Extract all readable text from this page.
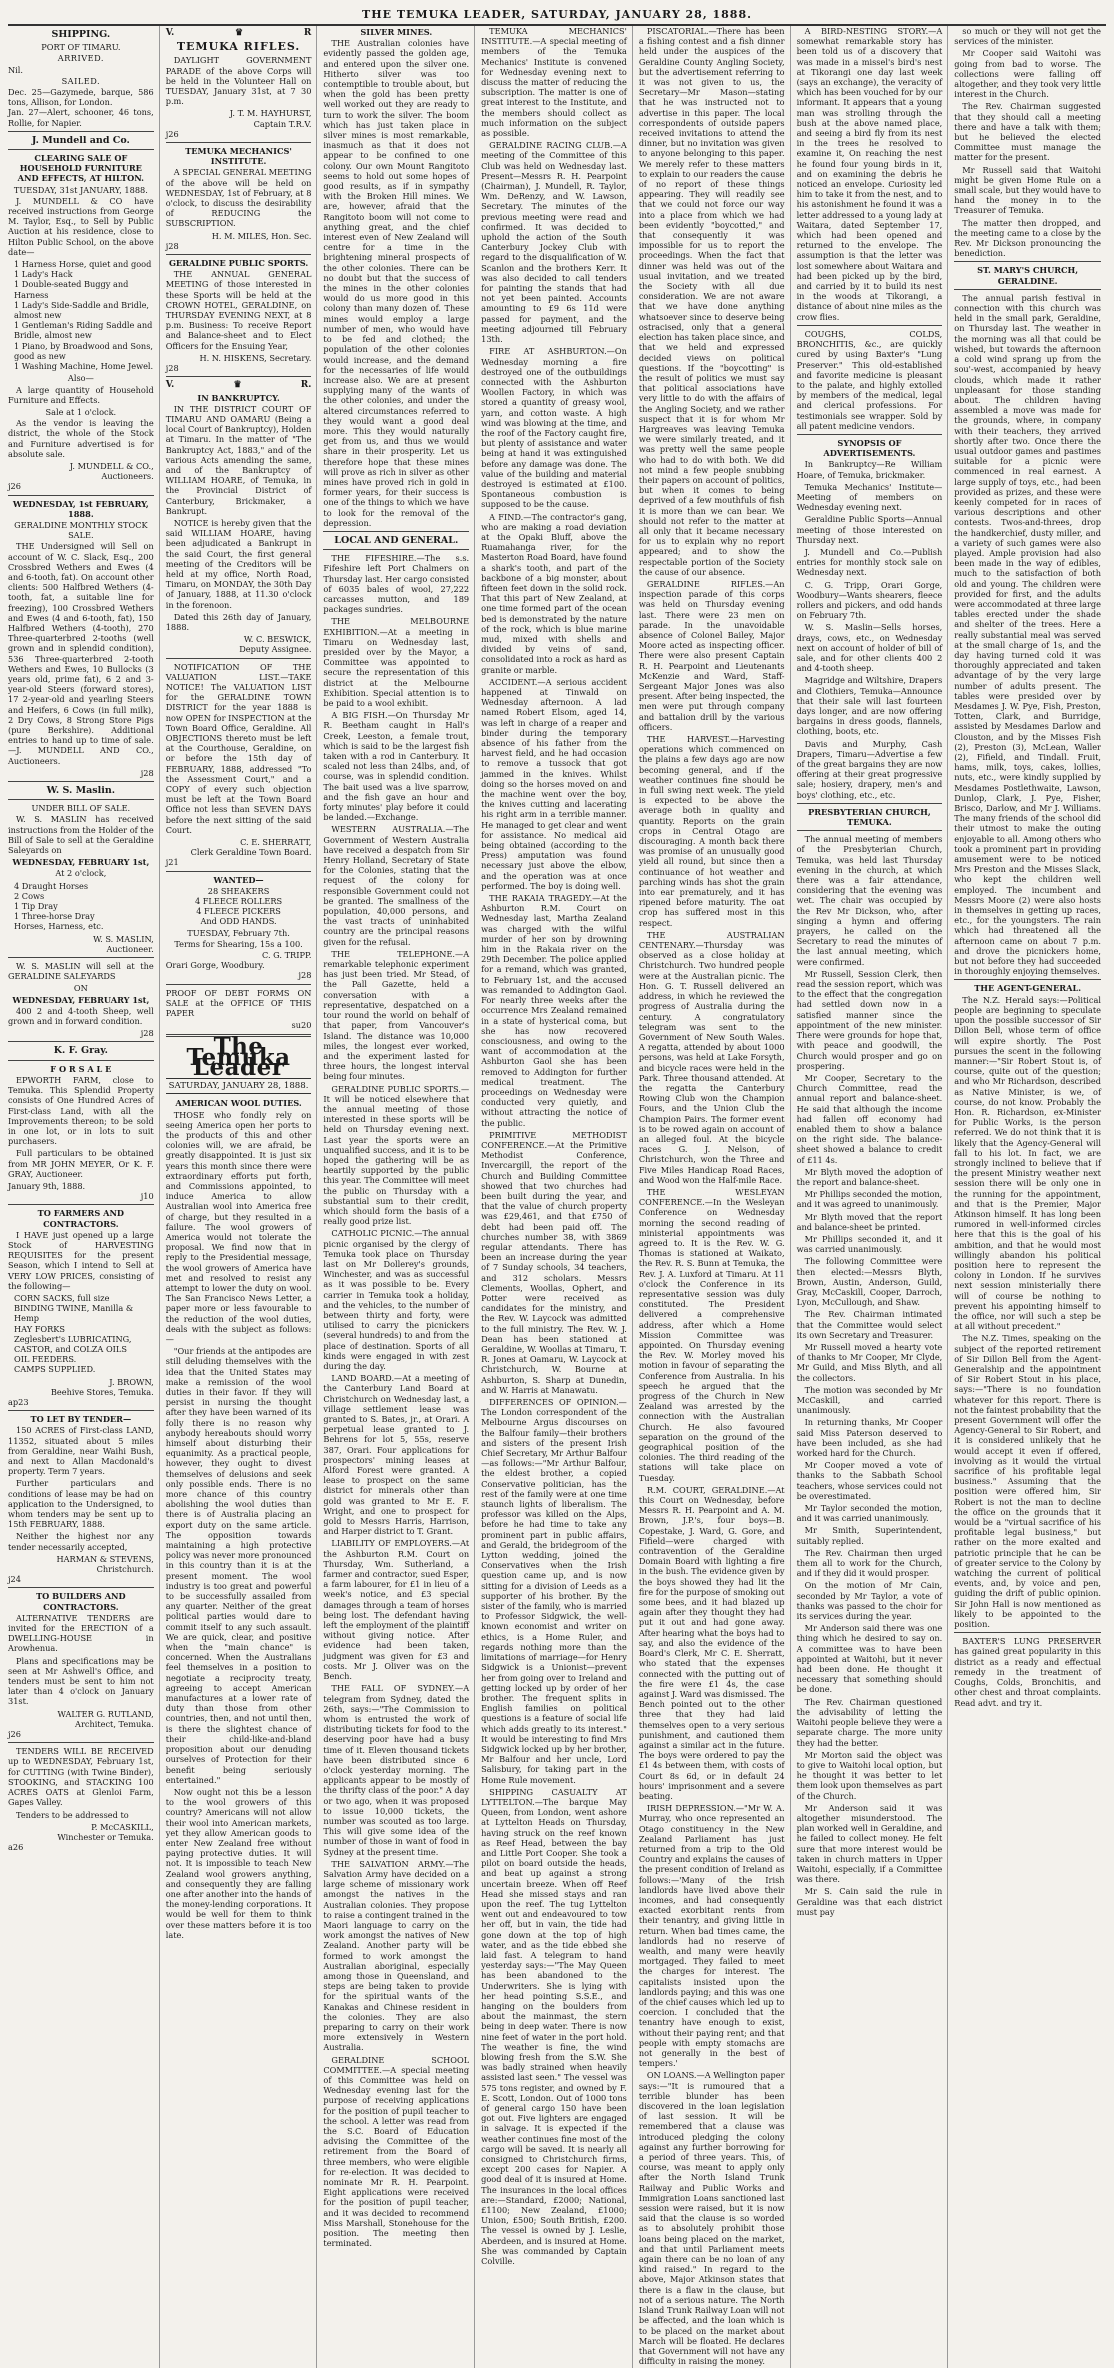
THE TEMUKA LEADER, SATURDAY, JANUARY 28, 1888.
SHIPPING.
PORT OF TIMARU.
ARRIVED.
Nil.
SAILED.

Dec. 25—Gazymede, barque, 586 tons, Allison, for London.
Jan. 27—Alert, schooner, 46 tons, Rollie, for Napier.

J. Mundell and Co.
CLEARING SALE OF HOUSEHOLD FURNITURE AND EFFECTS, AT HILTON.
TUESDAY, 31st JANUARY, 1888.

J. MUNDELL & CO have received instructions from George M. Taylor, Esq., to Sell by Public Auction at his residence, close to Hilton Public School, on the above date—

1 Harness Horse, quiet and good
1 Lady's Hack
1 Double-seated Buggy and Harness
1 Lady's Side-Saddle and Bridle, almost new
1 Gentleman's Riding Saddle and Bridle, almost new
1 Piano, by Broadwood and Sons, good as new
1 Washing Machine, Home Jewel.
Also—

A large quantity of Household Furniture and Effects.

Sale at 1 o'clock.

As the vendor is leaving the district, the whole of the Stock and Furniture advertised is for absolute sale.

J. MUNDELL & CO.,
Auctioneers.
j26
WEDNESDAY, 1st FEBRUARY, 1888.
GERALDINE MONTHLY STOCK SALE.

THE Undersigned will Sell on account of W. C. Slack, Esq., 200 Crossbred Wethers and Ewes (4 and 6-tooth, fat). On account other clients: 500 Halfbred Wethers (4-tooth, fat, a suitable line for freezing), 100 Crossbred Wethers and Ewes (4 and 6-tooth, fat), 150 Halfbred Wethers (4-tooth), 270 Three-quarterbred 2-tooths (well grown and in splendid condition), 536 Three-quarterbred 2-tooth Wethers and Ewes, 10 Bullocks (3 years old, prime fat), 6 2 and 3-year-old Steers (forward stores), 17 2-year-old and yearling Steers and Heifers, 6 Cows (in full milk), 2 Dry Cows, 8 Strong Store Pigs (pure Berkshire). Additional entries to hand up to time of sale.—J. MUNDELL AND CO., Auctioneers.

j28
W. S. Maslin.
UNDER BILL OF SALE.

W. S. MASLIN has received instructions from the Holder of the Bill of Sale to sell at the Geraldine Saleyards on

WEDNESDAY, FEBRUARY 1st,
At 2 o'clock,
4 Draught Horses
2 Cows
1 Tip Dray
1 Three-horse Dray
Horses, Harness, etc.
W. S. MASLIN,
Auctioneer.

W. S. MASLIN will sell at the GERALDINE SALEYARDS

ON
WEDNESDAY, FEBRUARY 1st,

400 2 and 4-tooth Sheep, well grown and in forward condition.

j28
K. F. Gray.
F O R S A L E

EPWORTH FARM, close to Temuka. This Splendid Property consists of One Hundred Acres of First-class Land, with all the Improvements thereon; to be sold in one lot, or in lots to suit purchasers.

Full particulars to be obtained from MR JOHN MEYER, Or K. F. GRAY, Auctioneer.

January 9th, 1888.
j10
TO FARMERS AND CONTRACTORS.

I HAVE just opened up a large Stock of HARVESTING REQUISITES for the present Season, which I intend to Sell at VERY LOW PRICES, consisting of the following—

CORN SACKS, full size
BINDING TWINE, Manilla & Hemp
HAY FORKS
Zeglesbert's LUBRICATING, CASTOR, and COLZA OILS
OIL FEEDERS.
CAMPS SUPPLIED.
J. BROWN,
Beehive Stores, Temuka.
ap23
TO LET BY TENDER—

150 ACRES of First-class LAND, 11352, situated about 5 miles from Geraldine, near Waihi Bush, and next to Allan Macdonald's property. Term 7 years.

Further particulars and conditions of lease may be had on application to the Undersigned, to whom tenders may be sent up to 15th FEBRUARY, 1888.

Neither the highest nor any tender necessarily accepted,

HARMAN & STEVENS,
Christchurch.
j24
TO BUILDERS AND CONTRACTORS.

ALTERNATIVE TENDERS are invited for the ERECTION of a DWELLING-HOUSE in Arowhenua.

Plans and specifications may be seen at Mr Ashwell's Office, and tenders must be sent to him not later than 4 o'clock on January 31st.

WALTER G. RUTLAND,
Architect, Temuka.
j26

TENDERS WILL BE RECEIVED up to WEDNESDAY, February 1st, for CUTTING (with Twine Binder), STOOKING, and STACKING 100 ACRES OATS at Glenloi Farm, Gapes Valley.

Tenders to be addressed to

P. McCASKILL,
Winchester or Temuka.
a26
V.	♛	R
TEMUKA RIFLES.

DAYLIGHT GOVERNMENT PARADE of the above Corps will be held in the Volunteer Hall on TUESDAY, January 31st, at 7 30 p.m.

J. T. M. HAYHURST,
Captain T.R.V.
j26
TEMUKA MECHANICS' INSTITUTE.

A SPECIAL GENERAL MEETING of the above will be held on WEDNESDAY, 1st of February, at 8 o'clock, to discuss the desirability of REDUCING the SUBSCRIPTION.

H. M. MILES, Hon. Sec.
j28
GERALDINE PUBLIC SPORTS.

THE ANNUAL GENERAL MEETING of those interested in these Sports will be held at the CROWN HOTEL, GERALDINE, on THURSDAY EVENING NEXT, at 8 p.m. Business: To receive Report and Balance-sheet and to Elect Officers for the Ensuing Year,

H. N. HISKENS, Secretary.
j28
V.	♛	R.
IN BANKRUPTCY.

IN THE DISTRICT COURT OF TIMARU AND OAMARU (Being a local Court of Bankruptcy), Holden at Timaru. In the matter of "The Bankruptcy Act, 1883," and of the various Acts amending the same, and of the Bankruptcy of WILLIAM HOARE, of Temuka, in the Provincial District of Canterbury, Brickmaker, a Bankrupt.

NOTICE is hereby given that the said WILLIAM HOARE, having been adjudicated a Bankrupt in the said Court, the first general meeting of the Creditors will be held at my office, North Road, Timaru, on MONDAY, the 30th Day of January, 1888, at 11.30 o'clock in the forenoon.

Dated this 26th day of January, 1888.

W. C. BESWICK,
Deputy Assignee.

NOTIFICATION OF THE VALUATION LIST.—TAKE NOTICE! The VALUATION LIST for the GERALDINE TOWN DISTRICT for the year 1888 is now OPEN for INSPECTION at the Town Board Office, Geraldine. All OBJECTIONS thereto must be left at the Courthouse, Geraldine, on or before the 15th day of FEBRUARY, 1888, addressed "To the Assessment Court," and a COPY of every such objection must be left at the Town Board Office not less than SEVEN DAYS before the next sitting of the said Court.

C. E. SHERRATT,
Clerk Geraldine Town Board.
j21
WANTED—
28 SHEAKERS
4 FLEECE ROLLERS
4 FLEECE PICKERS
And ODD HANDS.
TUESDAY, February 7th.
Terms for Shearing, 15s a 100.
C. G. TRIPP.
Orari Gorge, Woodbury.
j28

PROOF OF DEBT FORMS ON SALE at the OFFICE OF THIS PAPER

su20
The Temuka Leader
SATURDAY, JANUARY 28, 1888.
AMERICAN WOOL DUTIES.

THOSE who fondly rely on seeing America open her ports to the products of this and other colonies will, we are afraid, be greatly disappointed. It is just six years this month since there were extraordinary efforts put forth, and Commissions appointed, to induce America to allow Australian wool into America free of charge, but they resulted in a failure. The wool growers of America would not tolerate the proposal. We find now that in reply to the Presidential message, the wool growers of America have met and resolved to resist any attempt to lower the duty on wool. The San Francisco News Letter, a paper more or less favourable to the reduction of the wool duties, deals with the subject as follows:—

"Our friends at the antipodes are still deluding themselves with the idea that the United States may make a remission of the wool duties in their favor. If they will persist in nursing the thought after they have been warned of its folly there is no reason why anybody hereabouts should worry himself about disturbing their equanimity. As a practical people, however, they ought to divest themselves of delusions and seek only possible ends. There is no more chance of this country abolishing the wool duties than there is of Australia placing an export duty on the same article. The opposition towards maintaining a high protective policy was never more pronounced in this country than it is at the present moment. The wool industry is too great and powerful to be successfully assailed from any quarter. Neither of the great political parties would dare to commit itself to any such assault. We are quick, clear, and positive when the "main chance" is concerned. When the Australians feel themselves in a position to negotiate a reciprocity treaty, agreeing to accept American manufactures at a lower rate of duty than those from other countries, then, and not until then, is there the slightest chance of their child-like-and-bland proposition about our denuding ourselves of Protection for their benefit being seriously entertained."

Now ought not this be a lesson to the wool growers of this country? Americans will not allow their wool into American markets, yet they allow American goods to enter New Zealand free without paying protective duties. It will not. It is impossible to teach New Zealand wool growers anything, and consequently they are falling one after another into the hands of the money-lending corporations. It would be well for them to think over these matters before it is too late.

SILVER MINES.

THE Australian colonies have evidently passed the golden age, and entered upon the silver one. Hitherto silver was too contemptible to trouble about, but when the gold has been pretty well worked out they are ready to turn to work the silver. The boom which has just taken place in silver mines is most remarkable, inasmuch as that it does not appear to be confined to one colony. Our own Mount Rangitoto seems to hold out some hopes of good results, as if in sympathy with the Broken Hill mines. We are, however, afraid that the Rangitoto boom will not come to anything great, and the chief interest even of New Zealand will centre for a time in the brightening mineral prospects of the other colonies. There can be no doubt but that the success of the mines in the other colonies would do us more good in this colony than many dozen of. These mines would employ a large number of men, who would have to be fed and clothed; the population of the other colonies would increase, and the demand for the necessaries of life would increase also. We are at present supplying many of the wants of the other colonies, and under the altered circumstances referred to they would want a good deal more. This they would naturally get from us, and thus we would share in their prosperity. Let us therefore hope that these mines will prove as rich in silver as other mines have proved rich in gold in former years, for their success is one of the things to which we have to look for the removal of the depression.

LOCAL AND GENERAL.

THE FIFESHIRE.—The s.s. Fifeshire left Port Chalmers on Thursday last. Her cargo consisted of 6035 bales of wool, 27,222 carcasses mutton, and 189 packages sundries.

THE MELBOURNE EXHIBITION.—At a meeting in Timaru on Wednesday last, presided over by the Mayor, a Committee was appointed to secure the representation of this district at the Melbourne Exhibition. Special attention is to be paid to a wool exhibit.

A BIG FISH.—On Thursday Mr R. Beetham caught in Hall's Creek, Leeston, a female trout, which is said to be the largest fish taken with a rod in Canterbury. It scaled not less than 24lbs, and, of course, was in splendid condition. The bait used was a live sparrow, and the fish gave an hour and forty minutes' play before it could be landed.—Exchange.

WESTERN AUSTRALIA.—The Government of Western Australia have received a despatch from Sir Henry Holland, Secretary of State for the Colonies, stating that the request of the colony for responsible Government could not be granted. The smallness of the population, 40,000 persons, and the vast tracts of uninhabited country are the principal reasons given for the refusal.

THE TELEPHONE.—A remarkable telephonic experiment has just been tried. Mr Stead, of the Pall Gazette, held a conversation with a representative, despatched on a tour round the world on behalf of that paper, from Vancouver's Island. The distance was 10,000 miles, the longest ever worked, and the experiment lasted for three hours, the longest interval being four minutes.

GERALDINE PUBLIC SPORTS.—It will be noticed elsewhere that the annual meeting of those interested in these sports will be held on Thursday evening next. Last year the sports were an unqualified success, and it is to be hoped the gathering will be as heartily supported by the public this year. The Committee will meet the public on Thursday with a substantial sum to their credit, which should form the basis of a really good prize list.

CATHOLIC PICNIC.—The annual picnic organised by the clergy of Temuka took place on Thursday last on Mr Dollerey's grounds, Winchester, and was as successful as it was possible to be. Every carrier in Temuka took a holiday, and the vehicles, to the number of between thirty and forty, were utilised to carry the picnickers (several hundreds) to and from the place of destination. Sports of all kinds were engaged in with zest during the day.

LAND BOARD.—At a meeting of the Canterbury Land Board at Christchurch on Wednesday last, a village settlement lease was granted to S. Bates, jr., at Orari. A perpetual lease granted to J. Behrens for lot 5, 55s, reserve 387, Orari. Four applications for prospectors' mining leases at Alford Forest were granted. A lease to prospect on the same district for minerals other than gold was granted to Mr E. F. Wright, and one to prospect for gold to Messrs Harris, Harrison, and Harper district to T. Grant.

LIABILITY OF EMPLOYERS.—At the Ashburton R.M. Court on Thursday, Wm. Sutherland, a farmer and contractor, sued Esper, a farm labourer, for £1 in lieu of a week's notice, and £3 special damages through a team of horses being lost. The defendant having left the employment of the plaintiff without giving notice. After evidence had been taken, judgment was given for £3 and costs. Mr J. Oliver was on the Bench.

THE FALL OF SYDNEY.—A telegram from Sydney, dated the 26th, says:—"The Commission to whom is entrusted the work of distributing tickets for food to the deserving poor have had a busy time of it. Eleven thousand tickets have been distributed since 6 o'clock yesterday morning. The applicants appear to be mostly of the thrifty class of the poor." A day or two ago, when it was proposed to issue 10,000 tickets, the number was scouted as too large. This will give some idea of the number of those in want of food in Sydney at the present time.

THE SALVATION ARMY.—The Salvation Army have decided on a large scheme of missionary work amongst the natives in the Australian colonies. They propose to raise a contingent trained in the Maori language to carry on the work amongst the natives of New Zealand. Another party will be formed to work amongst the Australian aboriginal, especially among those in Queensland, and steps are being taken to provide for the spiritual wants of the Kanakas and Chinese resident in the colonies. They are also preparing to carry on their work more extensively in Western Australia.

GERALDINE SCHOOL COMMITTEE.—A special meeting of this Committee was held on Wednesday evening last for the purpose of receiving applications for the position of pupil teacher to the school. A letter was read from the S.C. Board of Education advising the Committee of the retirement from the Board of three members, who were eligible for re-election. It was decided to nominate Mr R. H. Pearpoint. Eight applications were received for the position of pupil teacher, and it was decided to recommend Miss Marshall, Stonehouse for the position. The meeting then terminated.

TEMUKA MECHANICS' INSTITUTE.—A special meeting of members of the Temuka Mechanics' Institute is convened for Wednesday evening next to discuss the matter of reducing the subscription. The matter is one of great interest to the Institute, and the members should collect as much information on the subject as possible.

GERALDINE RACING CLUB.—A meeting of the Committee of this Club was held on Wednesday last. Present—Messrs R. H. Pearpoint (Chairman), J. Mundell, R. Taylor, Wm. DeRenzy, and W. Lawson, Secretary. The minutes of the previous meeting were read and confirmed. It was decided to uphold the action of the South Canterbury Jockey Club with regard to the disqualification of W. Scanlon and the brothers Kerr. It was also decided to call tenders for painting the stands that had not yet been painted. Accounts amounting to £9 6s 11d were passed for payment, and the meeting adjourned till February 13th.

FIRE AT ASHBURTON.—On Wednesday morning a fire destroyed one of the outbuildings connected with the Ashburton Woollen Factory, in which was stored a quantity of greasy wool, yarn, and cotton waste. A high wind was blowing at the time, and the roof of the Factory caught fire, but plenty of assistance and water being at hand it was extinguished before any damage was done. The value of the building and material destroyed is estimated at £100. Spontaneous combustion is supposed to be the cause.

A FIND.—The contractor's gang, who are making a road deviation at the Opaki Bluff, above the Ruamahanga river, for the Masterton Road Board, have found a shark's tooth, and part of the backbone of a big monster, about fifteen feet down in the solid rock. That this part of New Zealand, at one time formed part of the ocean bed is demonstrated by the nature of the rock, which is blue marine mud, mixed with shells and divided by veins of sand, consolidated into a rock as hard as granite or marble.

ACCIDENT.—A serious accident happened at Tinwald on Wednesday afternoon. A lad named Robert Elsom, aged 14, was left in charge of a reaper and binder during the temporary absence of his father from the harvest field, and he had occasion to remove a tussock that got jammed in the knives. Whilst doing so the horses moved on and the machine went over the boy, the knives cutting and lacerating his right arm in a terrible manner. He managed to get clear and went for assistance. No medical aid being obtained (according to the Press) amputation was found necessary just above the elbow, and the operation was at once performed. The boy is doing well.

THE RAKAIA TRAGEDY.—At the Ashburton R.M. Court on Wednesday last, Martha Zealand was charged with the wilful murder of her son by drowning him in the Rakaia river on the 29th December. The police applied for a remand, which was granted, to February 1st, and the accused was remanded to Addington Gaol. For nearly three weeks after the occurrence Mrs Zealand remained in a state of hysterical coma, but she has now recovered consciousness, and owing to the want of accommodation at the Ashburton Gaol she has been removed to Addington for further medical treatment. The proceedings on Wednesday were conducted very quietly, and without attracting the notice of the public.

PRIMITIVE METHODIST CONFERENCE.—At the Primitive Methodist Conference, Invercargill, the report of the Church and Building Committee showed that two churches had been built during the year, and that the value of church property was £29,461, and that £750 of debt had been paid off. The churches number 38, with 3869 regular attendants. There has been an increase during the year of 7 Sunday schools, 34 teachers, and 312 scholars. Messrs Clements, Woollas, Ophert, and Potter were received as candidates for the ministry, and the Rev. W. Laycock was admitted to the full ministry. The Rev. W. J. Dean has been stationed at Geraldine, W. Woollas at Timaru, T. R. Jones at Oamaru, W. Laycock at Christchurch, W. Bourne at Ashburton, S. Sharp at Dunedin, and W. Harris at Manawatu.

DIFFERENCES OF OPINION.—The London correspondent of the Melbourne Argus discourses on the Balfour family—their brothers and sisters of the present Irish Chief Secretary, Mr Arthur Balfour—as follows:—"Mr Arthur Balfour, the eldest brother, a copied Conservative politician, has the rest of the family were at one time staunch lights of liberalism. The professor was killed on the Alps, before he had time to take any prominent part in public affairs, and Gerald, the bridegroom of the Lytton wedding, joined the Conservatives when the Irish question came up, and is now sitting for a division of Leeds as a supporter of his brother. By the sister of the family, who is married to Professor Sidgwick, the well-known economist and writer on ethics, is a Home Ruler, and regards nothing more than the limitations of marriage—for Henry Sidgwick is a Unionist—prevent her from going over to Ireland and getting locked up by order of her brother. The frequent splits in English families on political questions is a feature of social life which adds greatly to its interest." It would be interesting to find Mrs Sidgwick locked up by her brother, Mr Balfour and her uncle, Lord Salisbury, for taking part in the Home Rule movement.

SHIPPING CASUALTY AT LYTTELTON.—The barque May Queen, from London, went ashore at Lyttelton Heads on Thursday, having struck on the reef known as Reef Head, between the bay and Little Port Cooper. She took a pilot on board outside the heads, and beat up against a strong uncertain breeze. When off Reef Head she missed stays and ran upon the reef. The tug Lyttelton went out and endeavoured to tow her off, but in vain, the tide had gone down at the top of high water, and as the tide ebbed she laid fast. A telegram to hand yesterday says:—"The May Queen has been abandoned to the Underwriters. She is lying with her head pointing S.S.E., and hanging on the boulders from about the mainmast, the stern being in deep water. There is now nine feet of water in the port hold. The weather is fine, the wind blowing fresh from the S.W. She was badly strained when heavily assisted last seen." The vessel was 575 tons register, and owned by F. E. Scott, London. Out of 1000 tons of general cargo 150 have been got out. Five lighters are engaged in salvage. It is expected if the weather continues fine most of the cargo will be saved. It is nearly all consigned to Christchurch firms, except 200 cases for Napier. A good deal of it is insured at Home. The insurances in the local offices are:—Standard, £2000; National, £1100; New Zealand, £1000; Union, £500; South British, £200. The vessel is owned by J. Leslie, Aberdeen, and is insured at Home. She was commanded by Captain Colville.

PISCATORIAL.—There has been a fishing contest and a fish dinner held under the auspices of the Geraldine County Angling Society, but the advertisement referring to it was not given to us, the Secretary—Mr Mason—stating that he was instructed not to advertise in this paper. The local correspondents of outside papers received invitations to attend the dinner, but no invitation was given to anyone belonging to this paper. We merely refer to these matters to explain to our readers the cause of no report of these things appearing. They will readily see that we could not force our way into a place from which we had been evidently "boycotted," and that consequently it was impossible for us to report the proceedings. When the fact that dinner was held was out of the usual invitation, and we treated the Society with all due consideration. We are not aware that we have done anything whatsoever since to deserve being ostracised, only that a general election has taken place since, and that we held and expressed decided views on political questions. If the "boycotting" is the result of politics we must say that political associations have very little to do with the affairs of the Angling Society, and we rather suspect that it is for whom Mr Hargreaves was leaving Temuka we were similarly treated, and it was pretty well the same people who had to do with both. We did not mind a few people snubbing their papers on account of politics, but when it comes to being deprived of a few mouthfuls of fish it is more than we can bear. We should not refer to the matter at all only that it became necessary for us to explain why no report appeared; and to show the respectable portion of the Society the cause of our absence.

GERALDINE RIFLES.—An inspection parade of this corps was held on Thursday evening last. There were 23 men on parade. In the unavoidable absence of Colonel Bailey, Major Moore acted as inspecting officer. There were also present Captain R. H. Pearpoint and Lieutenants McKenzie and Ward, Staff-Sergeant Major Jones was also present. After being inspected, the men were put through company and battalion drill by the various officers.

THE HARVEST.—Harvesting operations which commenced on the plains a few days ago are now becoming general, and if the weather continues fine should be in full swing next week. The yield is expected to be above the average both in quality and quantity. Reports on the grain crops in Central Otago are discouraging. A month back there was promise of an unusually good yield all round, but since then a continuance of hot weather and parching winds has shot the grain into ear prematurely, and it has ripened before maturity. The oat crop has suffered most in this respect.

THE AUSTRALIAN CENTENARY.—Thursday was observed as a close holiday at Christchurch. Two hundred people were at the Australian picnic. The Hon. G. T. Russell delivered an address, in which he reviewed the progress of Australia during the century. A congratulatory telegram was sent to the Government of New South Wales. A regatta, attended by about 1000 persons, was held at Lake Forsyth, and bicycle races were held in the Park. Three thousand attended. At the regatta the Canterbury Rowing Club won the Champion Fours, and the Union Club the Champion Pairs. The former event is to be rowed again on account of an alleged foul. At the bicycle races G. J. Nelson, of Christchurch, won the Three and Five Miles Handicap Road Races, and Wood won the Half-mile Race.

THE WESLEYAN CONFERENCE.—In the Wesleyan Conference on Wednesday morning the second reading of ministerial appointments was agreed to. It is the Rev. W. G. Thomas is stationed at Waikato, the Rev. R. S. Bunn at Temuka, the Rev. J. A. Luxford at Timaru. At 11 o'clock the Conference in its representative session was duly constituted. The President delivered a comprehensive address, after which a Home Mission Committee was appointed. On Thursday evening the Rev. W. Morley moved his motion in favour of separating the Conference from Australia. In his speech he argued that the progress of the Church in New Zealand was arrested by the connection with the Australian Church. He also favoured separation on the ground of the geographical position of the colonies. The third reading of the stations will take place on Tuesday.

R.M. COURT, GERALDINE.—At this Court on Wednesday, before Messrs R. H. Pearpoint and A. M. Brown, J.P.'s, four boys—B. Copestake, J. Ward, G. Gore, and Fifield—were charged with contravention of the Geraldine Domain Board with lighting a fire in the bush. The evidence given by the boys showed they had lit the fire for the purpose of smoking out some bees, and it had blazed up again after they thought they had put it out and had gone away. After hearing what the boys had to say, and also the evidence of the Board's Clerk, Mr C. E. Sherratt, who stated that the expenses connected with the putting out of the fire were £1 4s, the case against J. Ward was dismissed. The Bench pointed out to the other three that they had laid themselves open to a very serious punishment, and cautioned them against a similar act in the future. The boys were ordered to pay the £1 4s between them, with costs of Court 8s 6d, or in default 24 hours' imprisonment and a severe beating.

IRISH DEPRESSION.—"Mr W. A. Murray, who once represented an Otago constituency in the New Zealand Parliament has just returned from a trip to the Old Country and explains the causes of the present condition of Ireland as follows:—'Many of the Irish landlords have lived above their incomes, and had consequently exacted exorbitant rents from their tenantry, and giving little in return. When bad times came, the landlords had no reserve of wealth, and many were heavily mortgaged. They failed to meet the charges for interest. The capitalists insisted upon the landlords paying; and this was one of the chief causes which led up to coercion. I concluded that the tenantry have enough to exist, without their paying rent; and that people with empty stomachs are not generally in the best of tempers.'

ON LOANS.—A Wellington paper says:—"It is rumoured that a terrible blunder has been discovered in the loan legislation of last session. It will be remembered that a clause was introduced pledging the colony against any further borrowing for a period of three years. This, of course, was meant to apply only after the North Island Trunk Railway and Public Works and Immigration Loans sanctioned last session were raised, but it is now said that the clause is so worded as to absolutely prohibit those loans being placed on the market, and that until Parliament meets again there can be no loan of any kind raised." In regard to the above, Major Atkinson states that there is a flaw in the clause, but not of a serious nature. The North Island Trunk Railway Loan will not be affected, and the loan which is to be placed on the market about March will be floated. He declares that Government will not have any difficulty in raising the money.

A BIRD-NESTING STORY.—A somewhat remarkable story has been told us of a discovery that was made in a missel's bird's nest at Tikorangi one day last week (says an exchange), the veracity of which has been vouched for by our informant. It appears that a young man was strolling through the bush at the above named place, and seeing a bird fly from its nest in the trees he resolved to examine it, On reaching the nest he found four young birds in it, and on examining the debris he noticed an envelope. Curiosity led him to take it from the nest, and to his astonishment he found it was a letter addressed to a young lady at Waitara, dated September 17, which had been opened and returned to the envelope. The assumption is that the letter was lost somewhere about Waitara and had been picked up by the bird, and carried by it to build its nest in the woods at Tikorangi, a distance of about nine miles as the crow flies.

COUGHS, COLDS, BRONCHITIS, &c., are quickly cured by using Baxter's "Lung Preserver." This old-established and favorite medicine is pleasant to the palate, and highly extolled by members of the medical, legal and clerical professions. For testimonials see wrapper. Sold by all patent medicine vendors.

SYNOPSIS OF ADVERTISEMENTS.

In Bankruptcy—Re William Hoare, of Temuka, brickmaker.

Temuka Mechanics' Institute—Meeting of members on Wednesday evening next.

Geraldine Public Sports—Annual meeting of those interested on Thursday next.

J. Mundell and Co.—Publish entries for monthly stock sale on Wednesday next.

C. G. Tripp, Orari Gorge, Woodbury—Wants shearers, fleece rollers and pickers, and odd hands on February 7th.

W. S. Maslin—Sells horses, drays, cows, etc., on Wednesday next on account of holder of bill of sale, and for other clients 400 2 and 4-tooth sheep.

Magridge and Wiltshire, Drapers and Clothiers, Temuka—Announce that their sale will last fourteen days longer, and are now offering bargains in dress goods, flannels, clothing, boots, etc.

Davis and Murphy, Cash Drapers, Timaru—Advertise a few of the great bargains they are now offering at their great progressive sale; hosiery, drapery, men's and boys' clothing, etc., etc.

PRESBYTERIAN CHURCH, TEMUKA.

The annual meeting of members of the Presbyterian Church, Temuka, was held last Thursday evening in the church, at which there was a fair attendance, considering that the evening was wet. The chair was occupied by the Rev Mr Dickson, who, after singing a hymn and offering prayers, he called on the Secretary to read the minutes of the last annual meeting, which were confirmed.

Mr Russell, Session Clerk, then read the session report, which was to the effect that the congregation had settled down now in a satisfied manner since the appointment of the new minister. There were grounds for hope that, with peace and goodwill, the Church would prosper and go on prospering.

Mr Cooper, Secretary to the Church Committee, read the annual report and balance-sheet. He said that although the income had fallen off economy had enabled them to show a balance on the right side. The balance-sheet showed a balance to credit of £11 4s.

Mr Blyth moved the adoption of the report and balance-sheet.

Mr Phillips seconded the motion, and it was agreed to unanimously.

Mr Blyth moved that the report and balance-sheet be printed.

Mr Phillips seconded it, and it was carried unanimously.

The following Committee were then elected:—Messrs Blyth, Brown, Austin, Anderson, Guild, Gray, McCaskill, Cooper, Darroch, Lyon, McCullough, and Shaw.

The Rev. Chairman intimated that the Committee would select its own Secretary and Treasurer.

Mr Russell moved a hearty vote of thanks to Mr Cooper, Mr Clyde, Mr Guild, and Miss Blyth, and all the collectors.

The motion was seconded by Mr McCaskill, and carried unanimously.

In returning thanks, Mr Cooper said Miss Paterson deserved to have been included, as she had worked hard for the Church.

Mr Cooper moved a vote of thanks to the Sabbath School teachers, whose services could not be overestimated.

Mr Taylor seconded the motion, and it was carried unanimously.

Mr Smith, Superintendent, suitably replied.

The Rev. Chairman then urged them all to work for the Church, and if they did it would prosper.

On the motion of Mr Cain, seconded by Mr Taylor, a vote of thanks was passed to the choir for its services during the year.

Mr Anderson said there was one thing which he desired to say on. A committee was to have been appointed at Waitohi, but it never had been done. He thought it necessary that something should be done.

The Rev. Chairman questioned the advisability of letting the Waitohi people believe they were a separate charge. The more unity they had the better.

Mr Morton said the object was to give to Waitohi local option, but he thought it was better to let them look upon themselves as part of the Church.

Mr Anderson said it was altogether misunderstood. The plan worked well in Geraldine, and he failed to collect money. He felt sure that more interest would be taken in church matters in Upper Waitohi, especially, if a Committee was there.

Mr S. Cain said the rule in Geraldine was that each district must pay

so much or they will not get the services of the minister.

Mr Cooper said Waitohi was going from bad to worse. The collections were falling off altogether, and they took very little interest in the Church.

The Rev. Chairman suggested that they should call a meeting there and have a talk with them; but he believed the elected Committee must manage the matter for the present.

Mr Russell said that Waitohi might be given Home Rule on a small scale, but they would have to hand the money in to the Treasurer of Temuka.

The matter then dropped, and the meeting came to a close by the Rev. Mr Dickson pronouncing the benediction.

ST. MARY'S CHURCH, GERALDINE.

The annual parish festival in connection with this church was held in the small park, Geraldine, on Thursday last. The weather in the morning was all that could be wished, but towards the afternoon a cold wind sprang up from the sou'-west, accompanied by heavy clouds, which made it rather unpleasant for those standing about. The children having assembled a move was made for the grounds, where, in company with their teachers, they arrived shortly after two. Once there the usual outdoor games and pastimes suitable for a picnic were commenced in real earnest. A large supply of toys, etc., had been provided as prizes, and these were keenly competed for in races of various descriptions and other contests. Twos-and-threes, drop the handkerchief, dusty miller, and a variety of such games were also played. Ample provision had also been made in the way of edibles, much to the satisfaction of both old and young. The children were provided for first, and the adults were accommodated at three large tables erected under the shade and shelter of the trees. Here a really substantial meal was served at the small charge of 1s, and the day having turned cold it was thoroughly appreciated and taken advantage of by the very large number of adults present. The tables were presided over by Mesdames J. W. Pye, Fish, Preston, Totten, Clark, and Burridge, assisted by Mesdames Darlow and Clouston, and by the Misses Fish (2), Preston (3), McLean, Waller (2), Fifield, and Tindall. Fruit, hams, milk, toys, cakes, lollies, nuts, etc., were kindly supplied by Mesdames Postlethwaite, Lawson, Dunlop, Clark, J. Pye, Fisher, Brisco, Darlow, and Mr J. Williams. The many friends of the school did their utmost to make the outing enjoyable to all. Among others who took a prominent part in providing amusement were to be noticed Mrs Preston and the Misses Slack, who kept the children well employed. The incumbent and Messrs Moore (2) were also hosts in themselves in getting up races, etc., for the youngsters. The rain which had threatened all the afternoon came on about 7 p.m. and drove the picnickers home, but not before they had succeeded in thoroughly enjoying themselves.

THE AGENT-GENERAL.

The N.Z. Herald says:—Political people are beginning to speculate upon the possible successor of Sir Dillon Bell, whose term of office will expire shortly. The Post pursues the scent in the following manner:—"Sir Robert Stout is, of course, quite out of the question; and who Mr Richardson, described as Native Minister, is we, of course, do not know. Probably the Hon. R. Richardson, ex-Minister for Public Works, is the person referred. We do not think that it is likely that the Agency-General will fall to his lot. In fact, we are strongly inclined to believe that if the present Ministry weather next session there will be only one in the running for the appointment, and that is the Premier, Major Atkinson himself. It has long been rumored in well-informed circles here that this is the goal of his ambition, and that he would most willingly abandon his political position here to represent the colony in London. If he survives next session ministerially there will of course be nothing to prevent his appointing himself to the office, nor will such a step be at all without precedent."

The N.Z. Times, speaking on the subject of the reported retirement of Sir Dillon Bell from the Agent-Generalship and the appointment of Sir Robert Stout in his place, says:—"There is no foundation whatever for this report. There is not the faintest probability that the present Government will offer the Agency-General to Sir Robert, and it is considered unlikely that he would accept it even if offered, involving as it would the virtual sacrifice of his profitable legal business." Assuming that the position were offered him, Sir Robert is not the man to decline the office on the grounds that it would be a "virtual sacrifice of his profitable legal business," but rather on the more exalted and patriotic principle that he can be of greater service to the Colony by watching the current of political events, and, by voice and pen, guiding the drift of public opinion. Sir John Hall is now mentioned as likely to be appointed to the position.

BAXTER'S LUNG PRESERVER has gained great popularity in this district as a ready and effectual remedy in the treatment of Coughs, Colds, Bronchitis, and other chest and throat complaints. Read advt. and try it.
